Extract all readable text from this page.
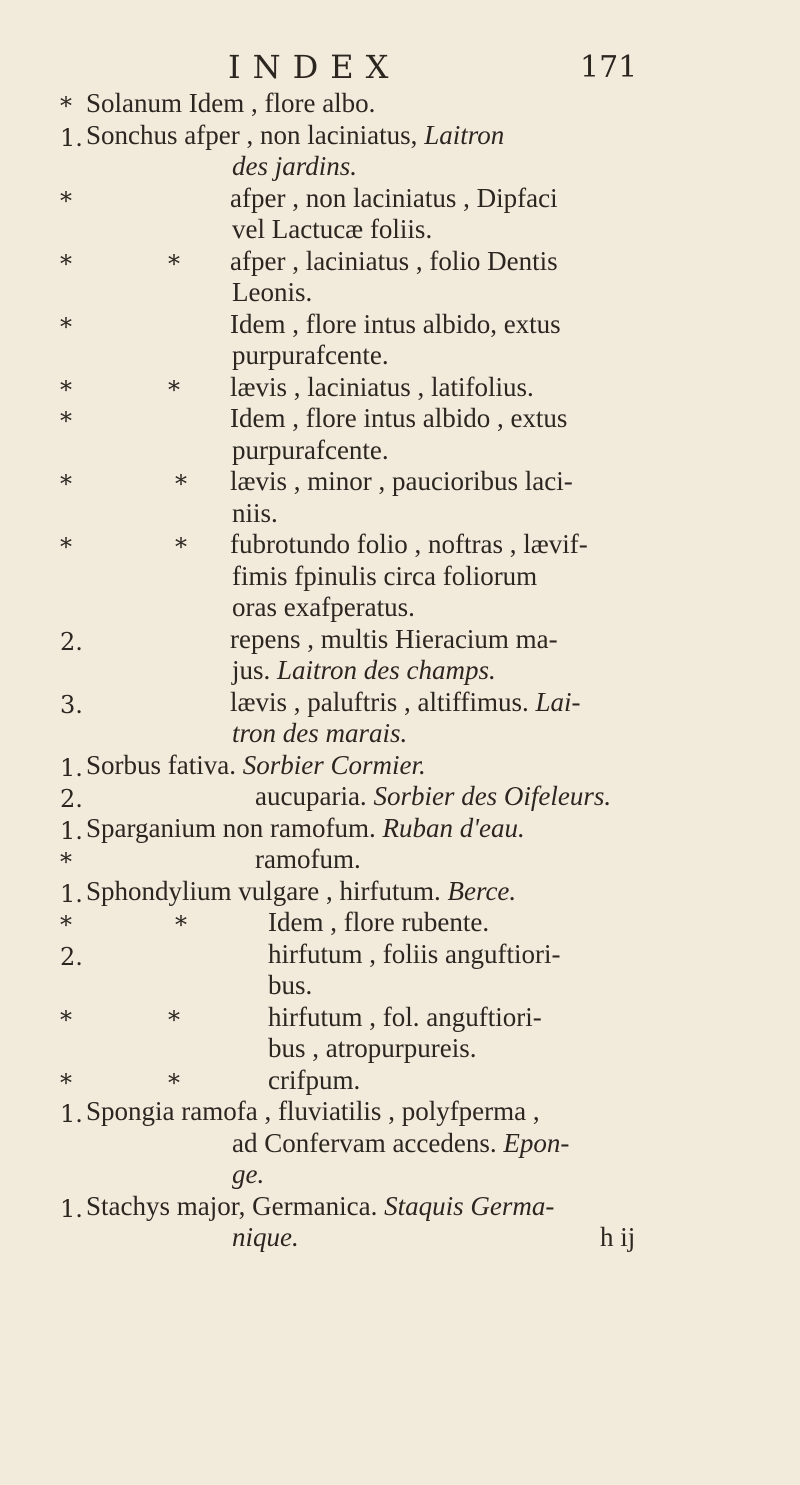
INDEX	171
* Solanum Idem , flore albo.
1. Sonchus afper , non laciniatus, Laitron
des jardins.
*	afper , non laciniatus , Dipfaci
vel Lactucæ foliis.
*	*	afper , laciniatus , folio Dentis
Leonis.
*	Idem , flore intus albido, extus
purpurafcente.
*	*	lævis , laciniatus , latifolius.
*	Idem , flore intus albido , extus
purpurafcente.
*	*	lævis , minor , paucioribus laci-
niis.
*	*	fubrotundo folio , noftras , lævif-
fimis fpinulis circa foliorum
oras exafperatus.
2.	repens , multis Hieracium ma-
jus. Laitron des champs.
3.	lævis , paluftris , altiffimus. Lai-
tron des marais.
1. Sorbus fativa. Sorbier Cormier.
2.	aucuparia. Sorbier des Oifeleurs.
1. Sparganium non ramofum. Ruban d'eau.
*	ramofum.
1. Sphondylium vulgare , hirfutum. Berce.
*	*	Idem , flore rubente.
2.	hirfutum , foliis anguftiori-
bus.
*	*	hirfutum , fol. anguftiori-
bus , atropurpureis.
*	*	crifpum.
1. Spongia ramofa , fluviatilis , polyfperma ,
ad Confervam accedens. Epon-
ge.
1. Stachys major, Germanica. Staquis Germa-
nique.	h ij
